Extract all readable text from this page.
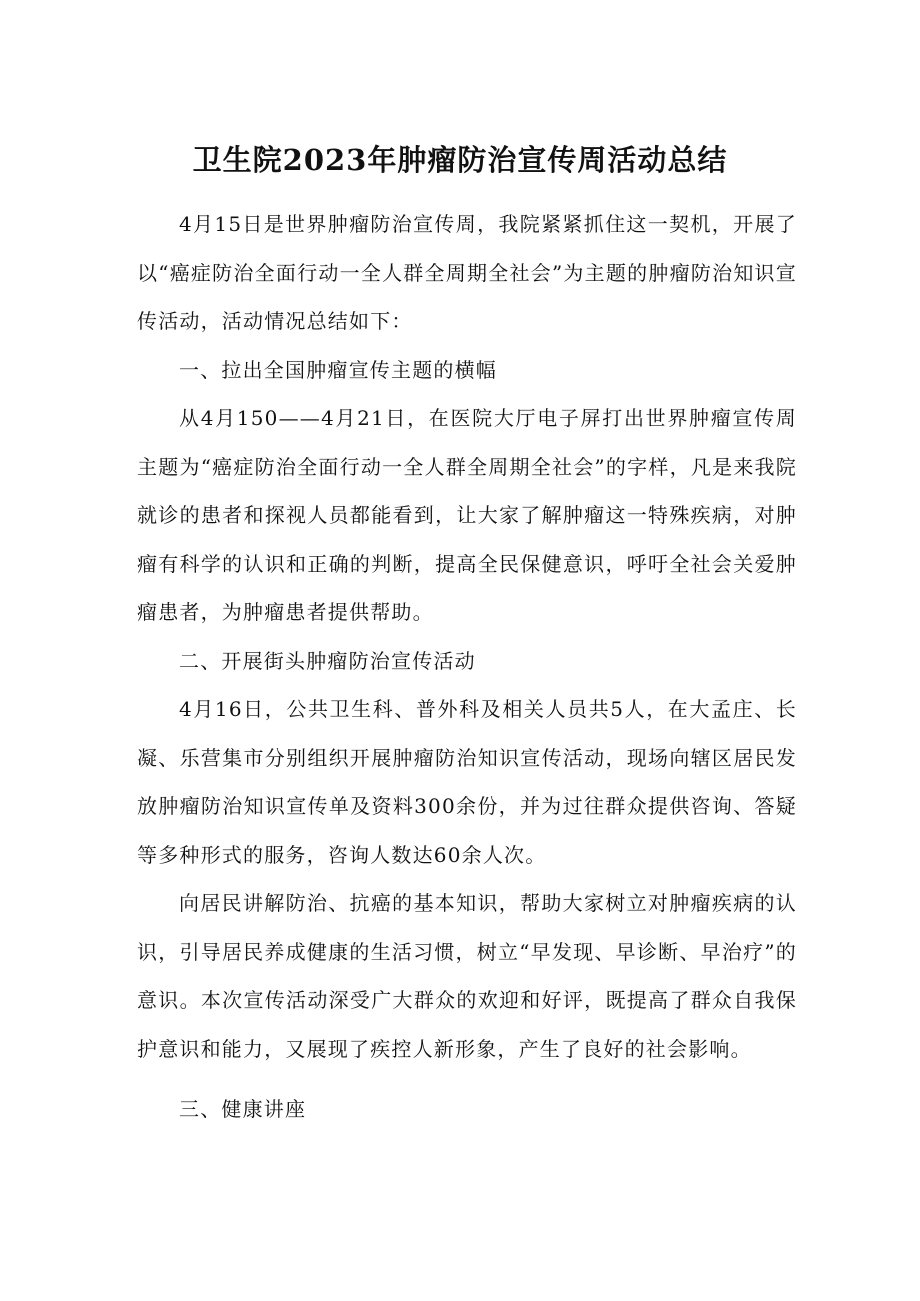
卫生院2023年肿瘤防治宣传周活动总结

4月15日是世界肿瘤防治宣传周，我院紧紧抓住这一契机，开展了以“癌症防治全面行动一全人群全周期全社会”为主题的肿瘤防治知识宣传活动，活动情况总结如下：

一、拉出全国肿瘤宣传主题的横幅

从4月150——4月21日，在医院大厅电子屏打出世界肿瘤宣传周主题为“癌症防治全面行动一全人群全周期全社会”的字样，凡是来我院就诊的患者和探视人员都能看到，让大家了解肿瘤这一特殊疾病，对肿瘤有科学的认识和正确的判断，提高全民保健意识，呼吁全社会关爱肿瘤患者，为肿瘤患者提供帮助。

二、开展街头肿瘤防治宣传活动

4月16日，公共卫生科、普外科及相关人员共5人，在大孟庄、长凝、乐营集市分别组织开展肿瘤防治知识宣传活动，现场向辖区居民发放肿瘤防治知识宣传单及资料300余份，并为过往群众提供咨询、答疑等多种形式的服务，咨询人数达60余人次。

向居民讲解防治、抗癌的基本知识，帮助大家树立对肿瘤疾病的认识，引导居民养成健康的生活习惯，树立“早发现、早诊断、早治疗”的意识。本次宣传活动深受广大群众的欢迎和好评，既提高了群众自我保护意识和能力，又展现了疾控人新形象，产生了良好的社会影响。

三、健康讲座
